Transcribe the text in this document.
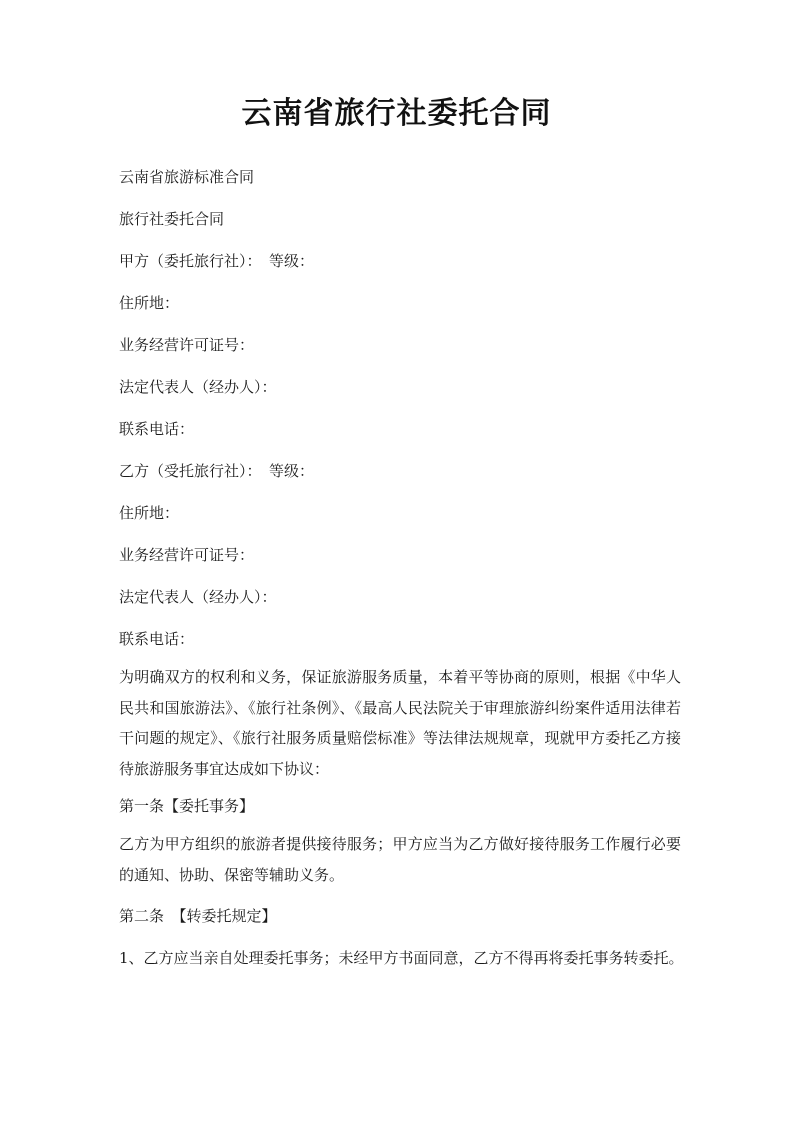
云南省旅行社委托合同
云南省旅游标准合同
旅行社委托合同
甲方（委托旅行社）：　等级：
住所地：
业务经营许可证号：
法定代表人（经办人）：
联系电话：
乙方（受托旅行社）：　等级：
住所地：
业务经营许可证号：
法定代表人（经办人）：
联系电话：
为明确双方的权利和义务，保证旅游服务质量，本着平等协商的原则，根据《中华人民共和国旅游法》、《旅行社条例》、《最高人民法院关于审理旅游纠纷案件适用法律若干问题的规定》、《旅行社服务质量赔偿标准》等法律法规规章，现就甲方委托乙方接待旅游服务事宜达成如下协议：
第一条【委托事务】
乙方为甲方组织的旅游者提供接待服务；甲方应当为乙方做好接待服务工作履行必要的通知、协助、保密等辅助义务。
第二条　【转委托规定】
1、乙方应当亲自处理委托事务；未经甲方书面同意，乙方不得再将委托事务转委托。
